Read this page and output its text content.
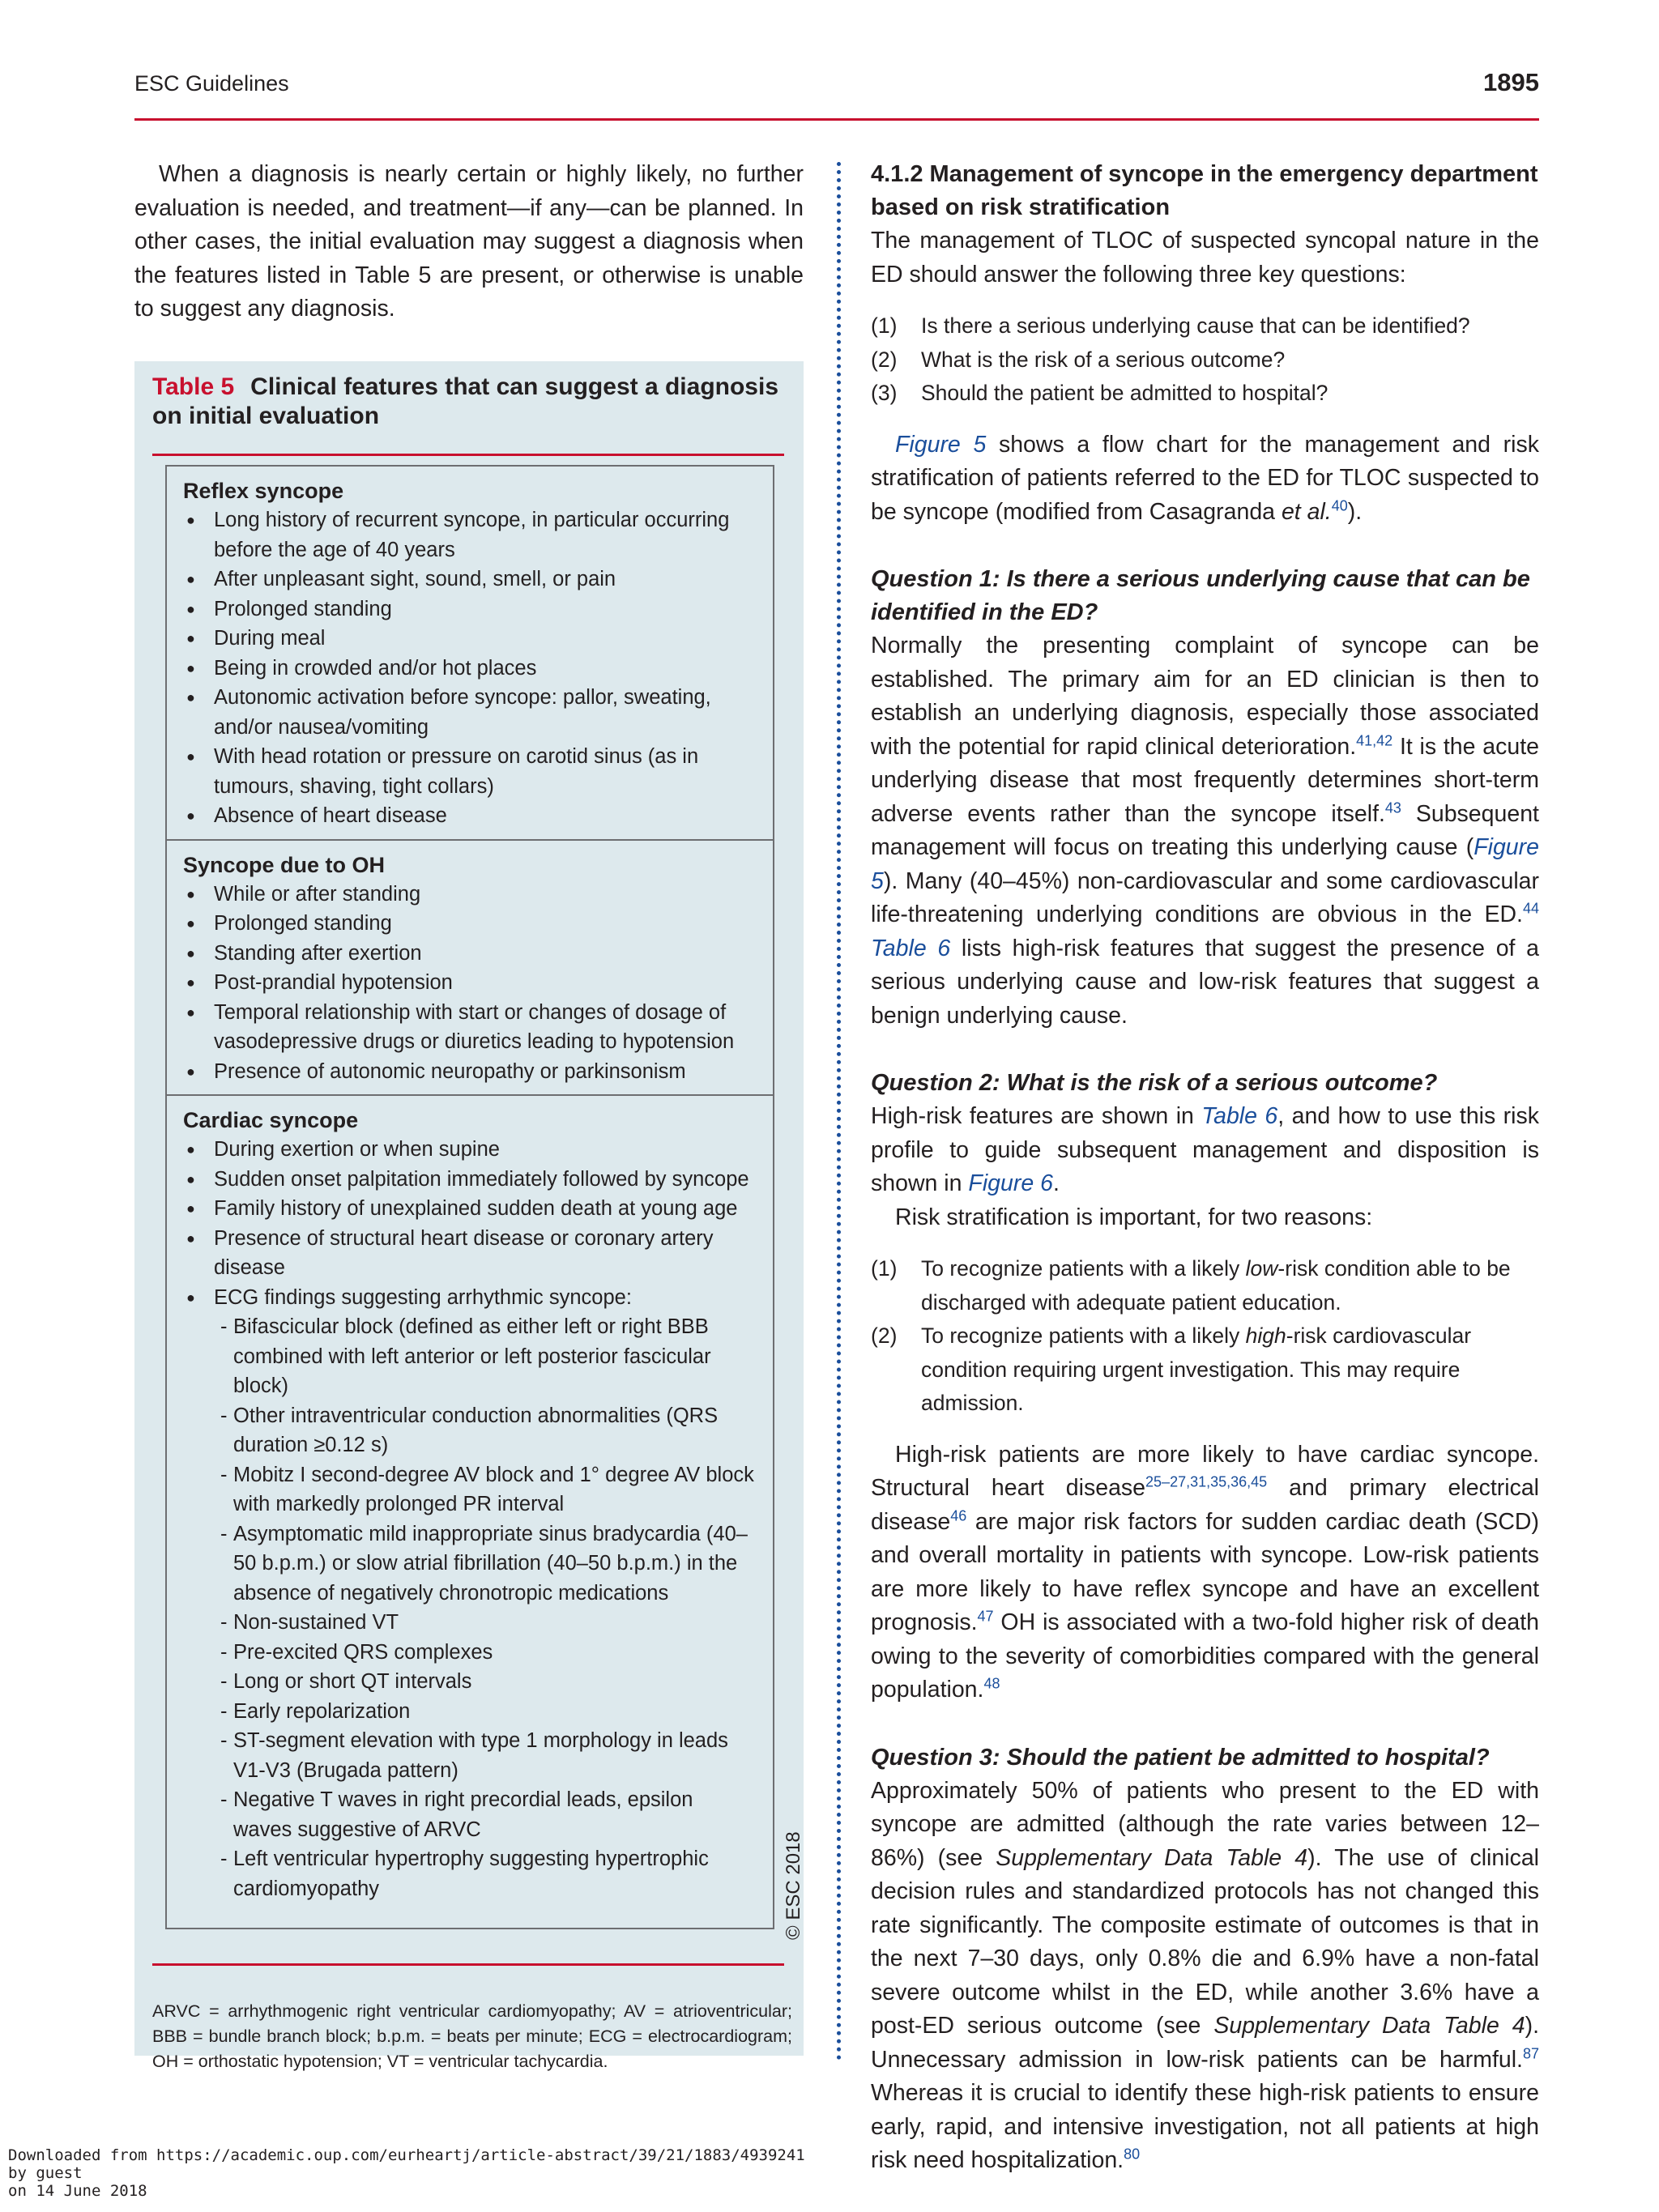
ESC Guidelines	1895

When a diagnosis is nearly certain or highly likely, no further evaluation is needed, and treatment—if any—can be planned. In other cases, the initial evaluation may suggest a diagnosis when the features listed in Table 5 are present, or otherwise is unable to suggest any diagnosis.

Table 5 Clinical features that can suggest a diagnosis on initial evaluation
Reflex syncope
● Long history of recurrent syncope, in particular occurring before the age of 40 years
● After unpleasant sight, sound, smell, or pain
● Prolonged standing
● During meal
● Being in crowded and/or hot places
● Autonomic activation before syncope: pallor, sweating, and/or nausea/vomiting
● With head rotation or pressure on carotid sinus (as in tumours, shaving, tight collars)
● Absence of heart disease
Syncope due to OH
● While or after standing
● Prolonged standing
● Standing after exertion
● Post-prandial hypotension
● Temporal relationship with start or changes of dosage of vasodepressive drugs or diuretics leading to hypotension
● Presence of autonomic neuropathy or parkinsonism
Cardiac syncope
● During exertion or when supine
● Sudden onset palpitation immediately followed by syncope
● Family history of unexplained sudden death at young age
● Presence of structural heart disease or coronary artery disease
● ECG findings suggesting arrhythmic syncope:
- Bifascicular block (defined as either left or right BBB combined with left anterior or left posterior fascicular block)
- Other intraventricular conduction abnormalities (QRS duration ≥0.12 s)
- Mobitz I second-degree AV block and 1° degree AV block with markedly prolonged PR interval
- Asymptomatic mild inappropriate sinus bradycardia (40–50 b.p.m.) or slow atrial fibrillation (40–50 b.p.m.) in the absence of negatively chronotropic medications
- Non-sustained VT
- Pre-excited QRS complexes
- Long or short QT intervals
- Early repolarization
- ST-segment elevation with type 1 morphology in leads V1-V3 (Brugada pattern)
- Negative T waves in right precordial leads, epsilon waves suggestive of ARVC
- Left ventricular hypertrophy suggesting hypertrophic cardiomyopathy
ARVC = arrhythmogenic right ventricular cardiomyopathy; AV = atrioventricular; BBB = bundle branch block; b.p.m. = beats per minute; ECG = electrocardiogram; OH = orthostatic hypotension; VT = ventricular tachycardia.
© ESC 2018
4.1.2 Management of syncope in the emergency department based on risk stratification

The management of TLOC of suspected syncopal nature in the ED should answer the following three key questions:

(1) Is there a serious underlying cause that can be identified?
(2) What is the risk of a serious outcome?
(3) Should the patient be admitted to hospital?

Figure 5 shows a flow chart for the management and risk stratification of patients referred to the ED for TLOC suspected to be syncope (modified from Casagranda et al.$^{40}$).

Question 1: Is there a serious underlying cause that can be identified in the ED?

Normally the presenting complaint of syncope can be established. The primary aim for an ED clinician is then to establish an underlying diagnosis, especially those associated with the potential for rapid clinical deterioration.$^{41,42}$ It is the acute underlying disease that most frequently determines short-term adverse events rather than the syncope itself.$^{43}$ Subsequent management will focus on treating this underlying cause (Figure 5). Many (40–45%) non-cardiovascular and some cardiovascular life-threatening underlying conditions are obvious in the ED.$^{44}$ Table 6 lists high-risk features that suggest the presence of a serious underlying cause and low-risk features that suggest a benign underlying cause.

Question 2: What is the risk of a serious outcome?

High-risk features are shown in Table 6, and how to use this risk profile to guide subsequent management and disposition is shown in Figure 6.

Risk stratification is important, for two reasons:

(1) To recognize patients with a likely low-risk condition able to be discharged with adequate patient education.
(2) To recognize patients with a likely high-risk cardiovascular condition requiring urgent investigation. This may require admission.

High-risk patients are more likely to have cardiac syncope. Structural heart disease$^{25-27,31,35,36,45}$ and primary electrical disease$^{46}$ are major risk factors for sudden cardiac death (SCD) and overall mortality in patients with syncope. Low-risk patients are more likely to have reflex syncope and have an excellent prognosis.$^{47}$ OH is associated with a two-fold higher risk of death owing to the severity of comorbidities compared with the general population.$^{48}$

Question 3: Should the patient be admitted to hospital?

Approximately 50% of patients who present to the ED with syncope are admitted (although the rate varies between 12–86%) (see Supplementary Data Table 4). The use of clinical decision rules and standardized protocols has not changed this rate significantly. The composite estimate of outcomes is that in the next 7–30 days, only 0.8% die and 6.9% have a non-fatal severe outcome whilst in the ED, while another 3.6% have a post-ED serious outcome (see Supplementary Data Table 4). Unnecessary admission in low-risk patients can be harmful.$^{87}$ Whereas it is crucial to identify these high-risk patients to ensure early, rapid, and intensive investigation, not all patients at high risk need hospitalization.$^{80}$

Downloaded from https://academic.oup.com/eurheartj/article-abstract/39/21/1883/4939241
by guest
on 14 June 2018
